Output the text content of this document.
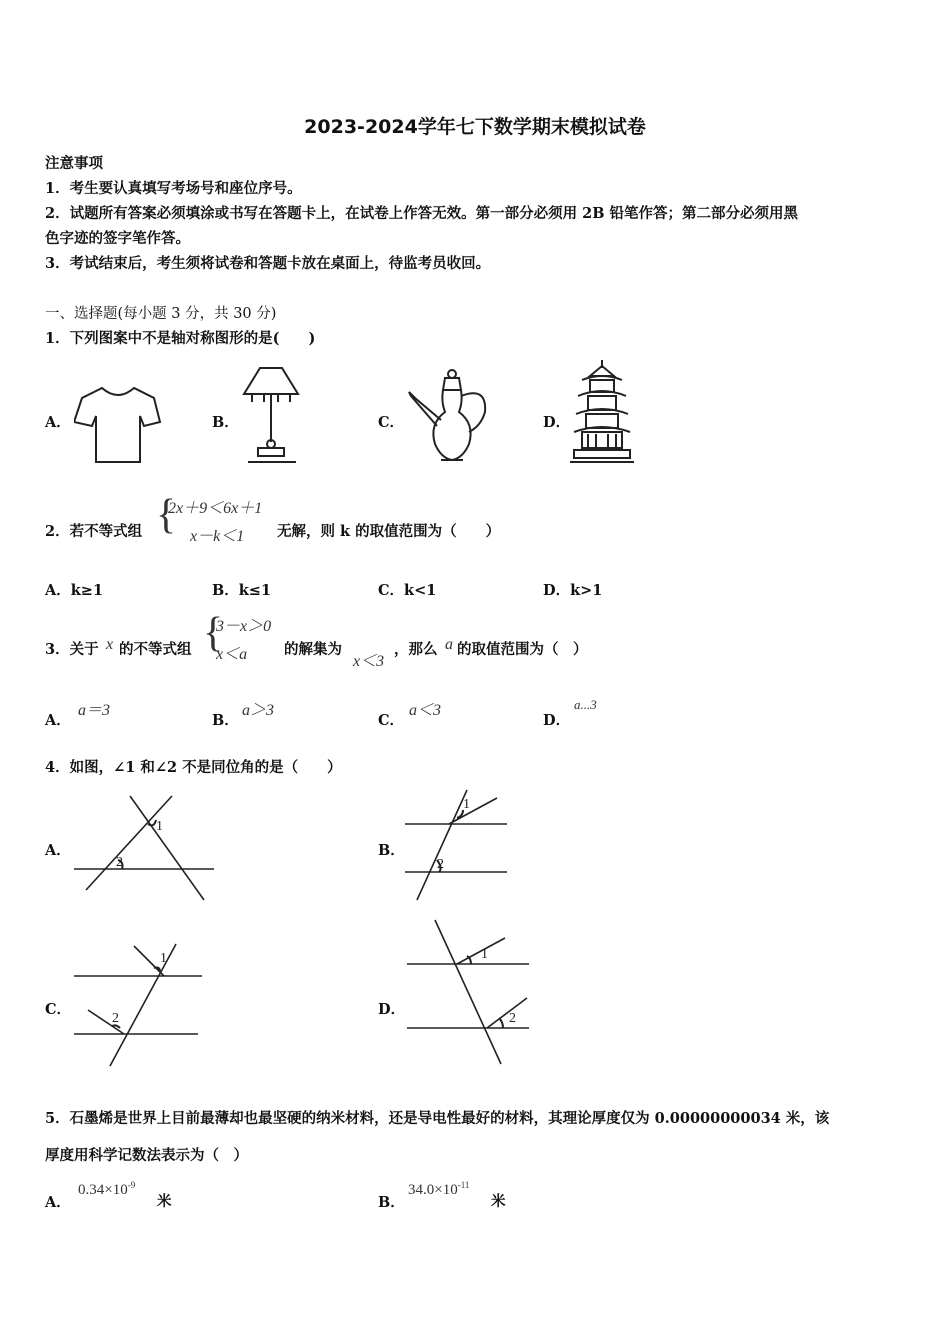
2023-2024学年七下数学期末模拟试卷
注意事项
1．考生要认真填写考场号和座位序号。
2．试题所有答案必须填涂或书写在答题卡上，在试卷上作答无效。第一部分必须用 2B 铅笔作答；第二部分必须用黑
色字迹的签字笔作答。
3．考试结束后，考生须将试卷和答题卡放在桌面上，待监考员收回。
一、选择题(每小题 3 分，共 30 分)
1．下列图案中不是轴对称图形的是(　　)
A．	B．	C．	D．
2．若不等式组 {
2x＋9＜6x＋1
x－k＜1 无解，则 k 的取值范围为（　　）
A．k≥1	B．k≤1	C．k<1	D．k>1
3．关于 x 的不等式组 {
3－x＞0
x＜a	的解集为
x＜3
，那么 a 的取值范围为（　）
A．
a＝3
B．
a＞3
C．
a＜3
D．
a...3
4．如图，∠1 和∠2 不是同位角的是（　　）
A．
1
2
B．
1
2
C．
1
2
D．
1
2
5．石墨烯是世界上目前最薄却也最坚硬的纳米材料，还是导电性最好的材料，其理论厚度仅为 0.00000000034 米，该
厚度用科学记数法表示为（　）
A．
$0.34\times 10^{-9}$
米	B．
$34.0\times 10^{-11}$
米
